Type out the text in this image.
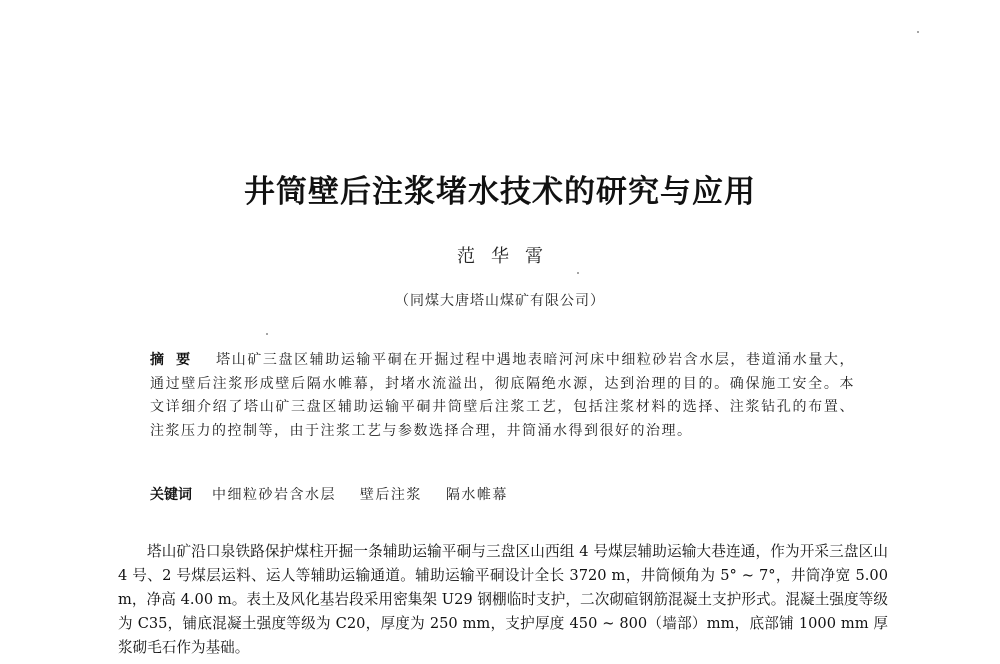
井筒壁后注浆堵水技术的研究与应用
范华霄
（同煤大唐塔山煤矿有限公司）
摘要 塔山矿三盘区辅助运输平硐在开掘过程中遇地表暗河河床中细粒砂岩含水层，巷道涌水量大，通过壁后注浆形成壁后隔水帷幕，封堵水流溢出，彻底隔绝水源，达到治理的目的。确保施工安全。本文详细介绍了塔山矿三盘区辅助运输平硐井筒壁后注浆工艺，包括注浆材料的选择、注浆钻孔的布置、注浆压力的控制等，由于注浆工艺与参数选择合理，井筒涌水得到很好的治理。
关键词 中细粒砂岩含水层 壁后注浆 隔水帷幕
塔山矿沿口泉铁路保护煤柱开掘一条辅助运输平硐与三盘区山西组 4 号煤层辅助运输大巷连通，作为开采三盘区山 4 号、2 号煤层运料、运人等辅助运输通道。辅助运输平硐设计全长 3720 m，井筒倾角为 5° ~ 7°，井筒净宽 5.00 m，净高 4.00 m。表土及风化基岩段采用密集架 U29 钢棚临时支护，二次砌碹钢筋混凝土支护形式。混凝土强度等级为 C35，铺底混凝土强度等级为 C20，厚度为 250 mm，支护厚度 450 ~ 800（墙部）mm，底部铺 1000 mm 厚浆砌毛石作为基础。
